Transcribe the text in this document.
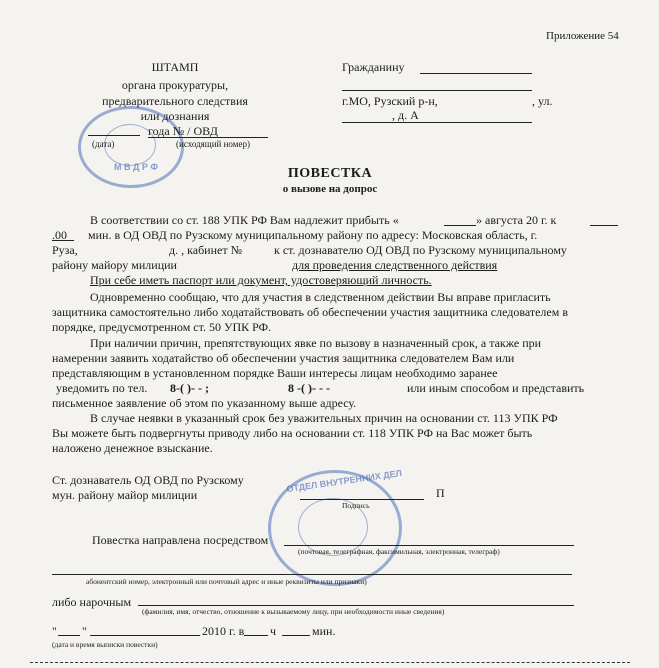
Приложение 54
М В Д Р Ф
ШТАМП
органа прокуратуры,
предварительного следствия
или дознания
года № / ОВД
(дата)	(исходящий номер)
Гражданину
г.МО, Рузский р-н,	, ул.
, д. А
ПОВЕСТКА
о вызове на допрос
В соответствии со ст. 188 УПК РФ Вам надлежит прибыть «	» августа 20 г. к
.00 мин. в ОД ОВД по Рузскому муниципальному району по адресу: Московская область, г.
Руза,	д. , кабинет №	к ст. дознавателю ОД ОВД по Рузскому муниципальному
району майору милиции	для проведения следственного действия
При себе иметь паспорт или документ, удостоверяющий личность.
Одновременно сообщаю, что для участия в следственном действии Вы вправе пригласить
защитника самостоятельно либо ходатайствовать об обеспечении участия защитника следователем в
порядке, предусмотренном ст. 50 УПК РФ.
При наличии причин, препятствующих явке по вызову в назначенный срок, а также при
намерении заявить ходатайство об обеспечении участия защитника следователем Вам или
представляющим в установленном порядке Ваши интересы лицам необходимо заранее
уведомить по тел. 8-( )- - ;	8 -( )- - -	или иным способом и представить
письменное заявление об этом по указанному выше адресу.
В случае неявки в указанный срок без уважительных причин на основании ст. 113 УПК РФ
Вы можете быть подвергнуты приводу либо на основании ст. 118 УПК РФ на Вас может быть
наложено денежное взыскание.
ОТДЕЛ ВНУТРЕННИХ ДЕЛ
Ст. дознаватель ОД ОВД по Рузскому
мун. району майор милиции	П
Подпись
Повестка направлена посредством
(почтовая, телеграфная, факсимильная, электронная, телеграф)
абонентский номер, электронный или почтовый адрес и иные реквизиты или признаки)
либо нарочным
(фамилия, имя, отчество, отношение к вызываемому лицу, при необходимости иные сведения)
" "	2010 г. в ч	мин.
(дата и время выписки повестки)
